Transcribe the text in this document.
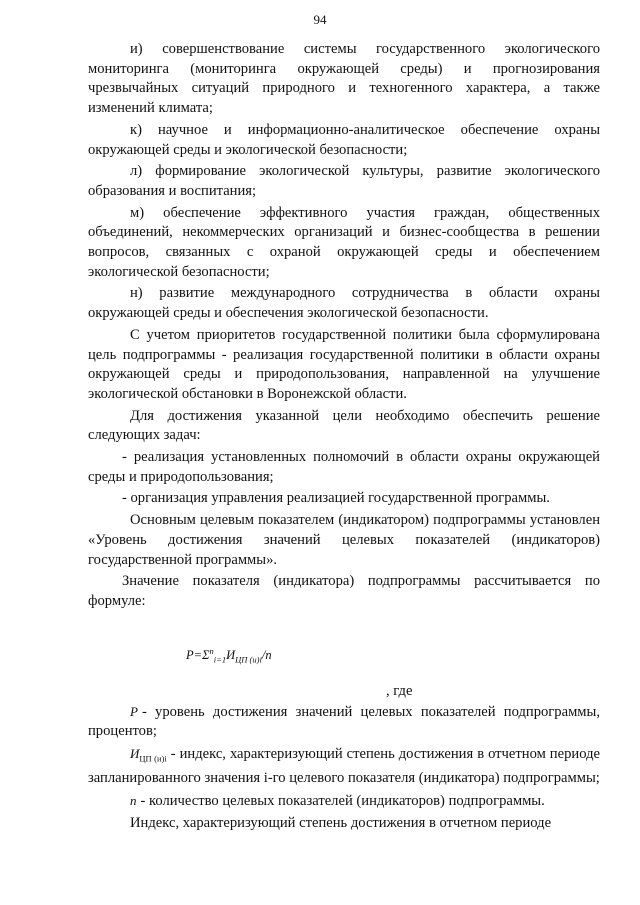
94

и) совершенствование системы государственного экологического мониторинга (мониторинга окружающей среды) и прогнозирования чрезвычайных ситуаций природного и техногенного характера, а также изменений климата;

к) научное и информационно-аналитическое обеспечение охраны окружающей среды и экологической безопасности;

л) формирование экологической культуры, развитие экологического образования и воспитания;

м) обеспечение эффективного участия граждан, общественных объединений, некоммерческих организаций и бизнес-сообщества в решении вопросов, связанных с охраной окружающей среды и обеспечением экологической безопасности;

н) развитие международного сотрудничества в области охраны окружающей среды и обеспечения экологической безопасности.

С учетом приоритетов государственной политики была сформулирована цель подпрограммы - реализация государственной политики в области охраны окружающей среды и природопользования, направленной на улучшение экологической обстановки в Воронежской области.

Для достижения указанной цели необходимо обеспечить решение следующих задач:

- реализация установленных полномочий в области охраны окружающей среды и природопользования;

- организация управления реализацией государственной программы.

Основным целевым показателем (индикатором) подпрограммы установлен «Уровень достижения значений целевых показателей (индикаторов) государственной программы».

Значение показателя (индикатора) подпрограммы рассчитывается по формуле:

$P=\Sigma^n_{i=1}И_{ЦП (и)i}/n$
, где

P - уровень достижения значений целевых показателей подпрограммы, процентов;

$И_{ЦП (и)i}$ - индекс, характеризующий степень достижения в отчетном периоде запланированного значения i-го целевого показателя (индикатора) подпрограммы;

n - количество целевых показателей (индикаторов) подпрограммы.

Индекс, характеризующий степень достижения в отчетном периоде
